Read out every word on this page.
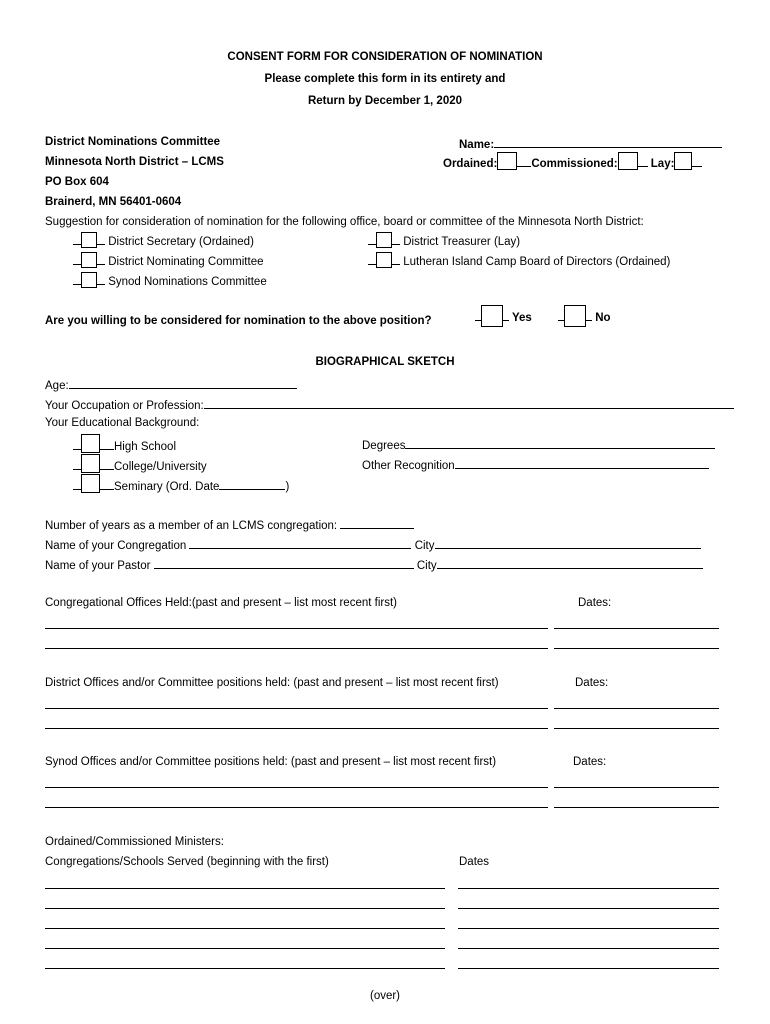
CONSENT FORM FOR CONSIDERATION OF NOMINATION
Please complete this form in its entirety and
Return by December 1, 2020
District Nominations Committee
Minnesota North District – LCMS
PO Box 604
Brainerd, MN 56401-0604
Name:
Ordained:	Commissioned:	Lay:
Suggestion for consideration of nomination for the following office, board or committee of the Minnesota North District:
District Secretary (Ordained)
District Nominating Committee
Synod Nominations Committee
District Treasurer (Lay)
Lutheran Island Camp Board of Directors (Ordained)
Are you willing to be considered for nomination to the above position?	Yes	No
BIOGRAPHICAL SKETCH
Age:
Your Occupation or Profession:
Your Educational Background:
High School
College/University
Seminary (Ord. Date	)
Degrees
Other Recognition
Number of years as a member of an LCMS congregation:
Name of your Congregation	City
Name of your Pastor	City
Congregational Offices Held:(past and present – list most recent first)	Dates:
District Offices and/or Committee positions held: (past and present – list most recent first)	Dates:
Synod Offices and/or Committee positions held: (past and present – list most recent first)	Dates:
Ordained/Commissioned Ministers:
Congregations/Schools Served (beginning with the first)	Dates
(over)
